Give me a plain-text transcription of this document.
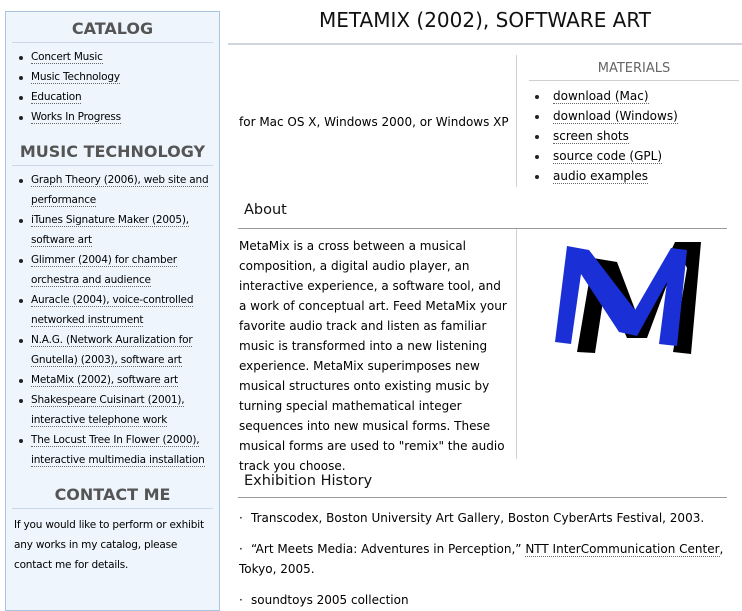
CATALOG
Concert Music
Music Technology
Education
Works In Progress
MUSIC TECHNOLOGY
Graph Theory (2006), web site and performance
iTunes Signature Maker (2005), software art
Glimmer (2004) for chamber orchestra and audience
Auracle (2004), voice-controlled networked instrument
N.A.G. (Network Auralization for Gnutella) (2003), software art
MetaMix (2002), software art
Shakespeare Cuisinart (2001), interactive telephone work
The Locust Tree In Flower (2000), interactive multimedia installation
CONTACT ME
If you would like to perform or exhibit any works in my catalog, please contact me for details.
METAMIX (2002), SOFTWARE ART
for Mac OS X, Windows 2000, or Windows XP
MATERIALS
download (Mac)
download (Windows)
screen shots
source code (GPL)
audio examples
About
MetaMix is a cross between a musical composition, a digital audio player, an interactive experience, a software tool, and a work of conceptual art. Feed MetaMix your favorite audio track and listen as familiar music is transformed into a new listening experience. MetaMix superimposes new musical structures onto existing music by turning special mathematical integer sequences into new musical forms. These musical forms are used to "remix" the audio track you choose.
Exhibition History
· Transcodex, Boston University Art Gallery, Boston CyberArts Festival, 2003.
· “Art Meets Media: Adventures in Perception,” NTT InterCommunication Center, Tokyo, 2005.
· soundtoys 2005 collection
